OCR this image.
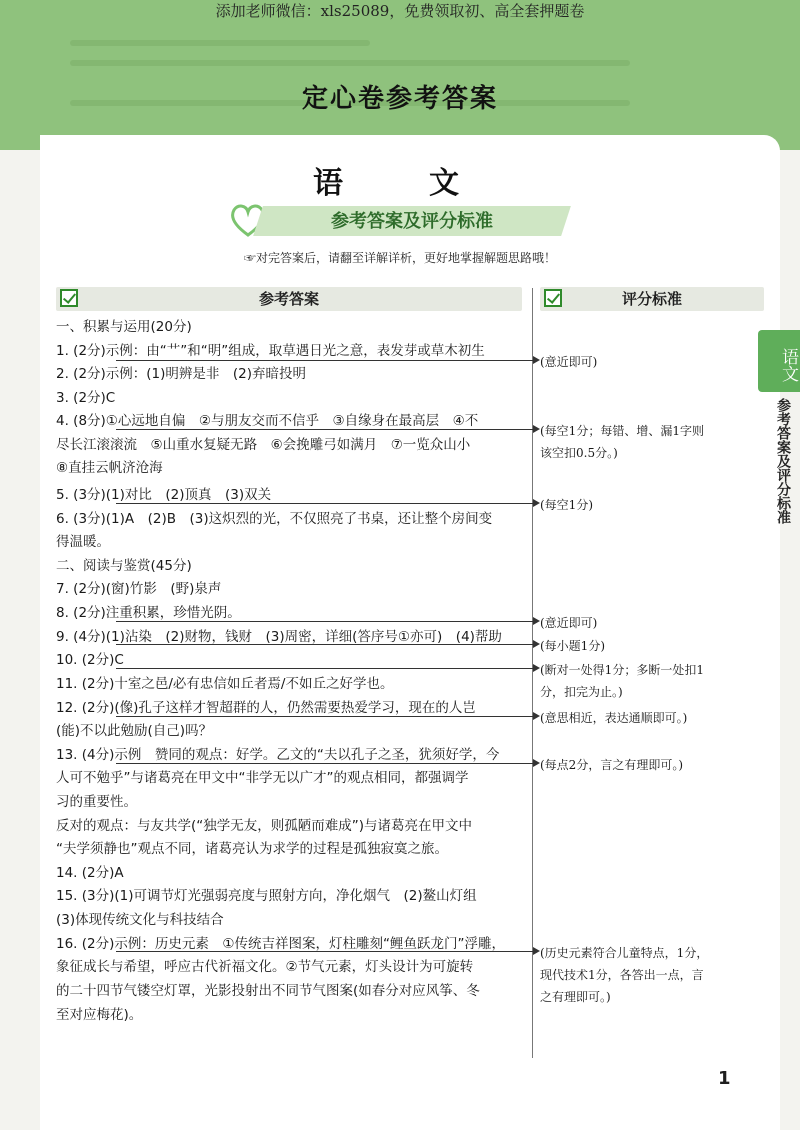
添加老师微信：xls25089，免费领取初、高全套押题卷
定心卷参考答案
语文
参考答案及评分标准
语　文
参考答案及评分标准
☞对完答案后，请翻至详解详析，更好地掌握解题思路哦！
参考答案	评分标准
一、积累与运用(20分)
1. (2分)示例：由“艹”和“明”组成，取草遇日光之意，表发芽或草木初生
2. (2分)示例：(1)明辨是非　(2)弃暗投明
3. (2分)C
4. (8分)①心远地自偏　②与朋友交而不信乎　③自缘身在最高层　④不
尽长江滚滚流　⑤山重水复疑无路　⑥会挽雕弓如满月　⑦一览众山小
⑧直挂云帆济沧海
5. (3分)(1)对比　(2)顶真　(3)双关
6. (3分)(1)A　(2)B　(3)这炽烈的光，不仅照亮了书桌，还让整个房间变
得温暖。
二、阅读与鉴赏(45分)
7. (2分)(窗)竹影　(野)泉声
8. (2分)注重积累，珍惜光阴。
9. (4分)(1)沾染　(2)财物，钱财　(3)周密，详细(答序号①亦可)　(4)帮助
10. (2分)C
11. (2分)十室之邑/必有忠信如丘者焉/不如丘之好学也。
12. (2分)(像)孔子这样才智超群的人，仍然需要热爱学习，现在的人岂
(能)不以此勉励(自己)吗？
13. (4分)示例　赞同的观点：好学。乙文的“夫以孔子之圣，犹须好学，今
人可不勉乎”与诸葛亮在甲文中“非学无以广才”的观点相同，都强调学
习的重要性。
反对的观点：与友共学(“独学无友，则孤陋而难成”)与诸葛亮在甲文中
“夫学须静也”观点不同，诸葛亮认为求学的过程是孤独寂寞之旅。
14. (2分)A
15. (3分)(1)可调节灯光强弱亮度与照射方向，净化烟气　(2)鳌山灯组
(3)体现传统文化与科技结合
16. (2分)示例：历史元素　①传统吉祥图案，灯柱雕刻“鲤鱼跃龙门”浮雕，
象征成长与希望，呼应古代祈福文化。②节气元素，灯头设计为可旋转
的二十四节气镂空灯罩，光影投射出不同节气图案(如春分对应风筝、冬
至对应梅花)。
(意近即可)
(每空1分；每错、增、漏1字则
该空扣0.5分。)
(每空1分)
(意近即可)
(每小题1分)
(断对一处得1分；多断一处扣1
分，扣完为止。)
(意思相近，表达通顺即可。)
(每点2分，言之有理即可。)
(历史元素符合儿童特点，1分，
现代技术1分，各答出一点，言
之有理即可。)
1
